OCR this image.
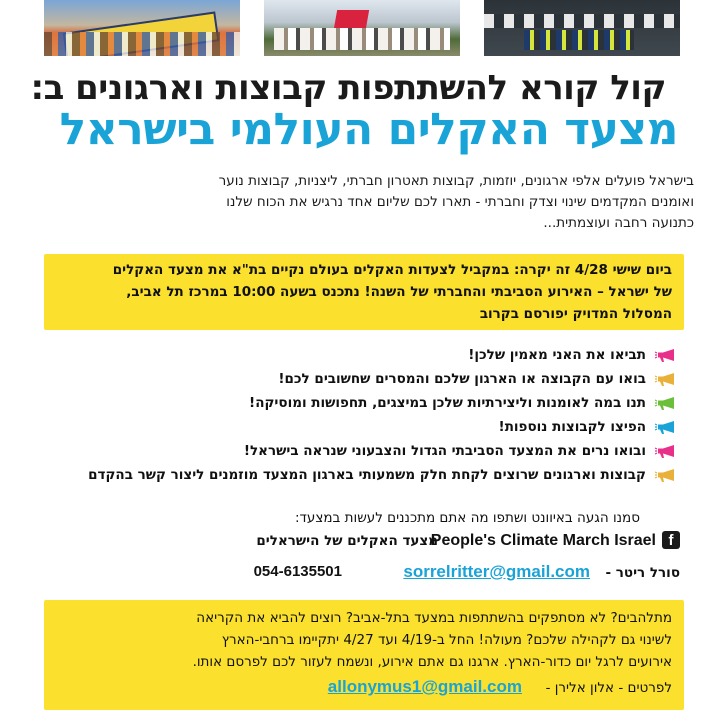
קול קורא להשתתפות קבוצות וארגונים ב:
מצעד האקלים העולמי בישראל
בישראל פועלים אלפי ארגונים, יוזמות, קבוצות תאטרון חברתי, ליצניות, קבוצות נוער
ואומנים המקדמים שינוי וצדק וחברתי - תארו לכם שליום אחד נרגיש את הכוח שלנו
כתנועה רחבה ועוצמתית...
ביום שישי 4/28 זה יקרה: במקביל לצעדות האקלים בעולם נקיים בת"א את מצעד האקלים
של ישראל – האירוע הסביבתי והחברתי של השנה! נתכנס בשעה 10:00 במרכז תל אביב,
המסלול המדויק יפורסם בקרוב
תביאו את האני מאמין שלכן!
בואו עם הקבוצה או הארגון שלכם והמסרים שחשובים לכם!
תנו במה לאומנות וליצירתיות שלכן במיצגים, תחפושות ומוסיקה!
הפיצו לקבוצות נוספות!
ובואו נרים את המצעד הסביבתי הגדול והצבעוני שנראה בישראל!
קבוצות וארגונים שרוצים לקחת חלק משמעותי בארגון המצעד מוזמנים ליצור קשר בהקדם
סמנו הגעה באיוונט ושתפו מה אתם מתכננים לעשות במצעד:
f
People's Climate March Israel
מצעד האקלים של הישראלים
סורל ריטר -
sorrelritter@gmail.com
054-6135501
מתלהבים? לא מסתפקים בהשתתפות במצעד בתל-אביב? רוצים להביא את הקריאה
לשינוי גם לקהילה שלכם? מעולה! החל ב-4/19 ועד 4/27 יתקיימו ברחבי-הארץ
אירועים לרגל יום כדור-הארץ. ארגנו גם אתם אירוע, ונשמח לעזור לכם לפרסם אותו.
לפרטים - אלון אלירן -
allonymus1@gmail.com
